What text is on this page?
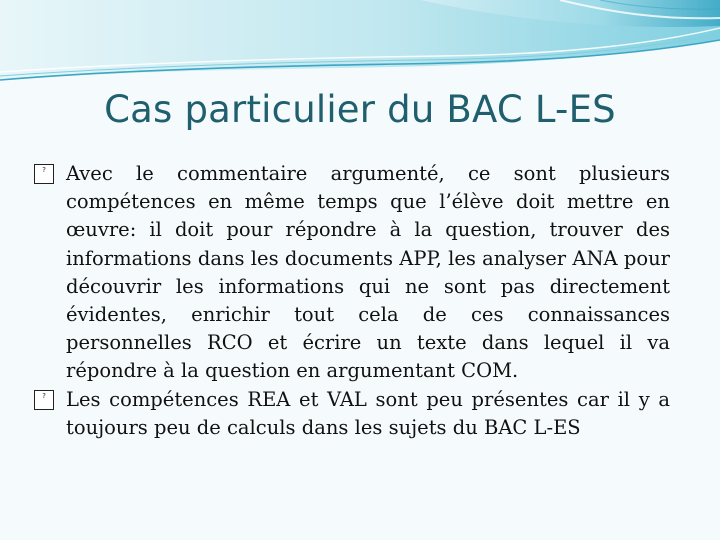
Cas particulier du BAC L-ES

?	Avec le commentaire argumenté, ce sont plusieurs compétences en même temps que l’élève doit mettre en œuvre: il doit pour répondre à la question, trouver des informations dans les documents APP, les analyser ANA pour découvrir les informations qui ne sont pas directement évidentes, enrichir tout cela de ces connaissances personnelles RCO et écrire un texte dans lequel il va répondre à la question en argumentant COM.

?	Les compétences REA et VAL sont peu présentes car il y a toujours peu de calculs dans les sujets du BAC L-ES
